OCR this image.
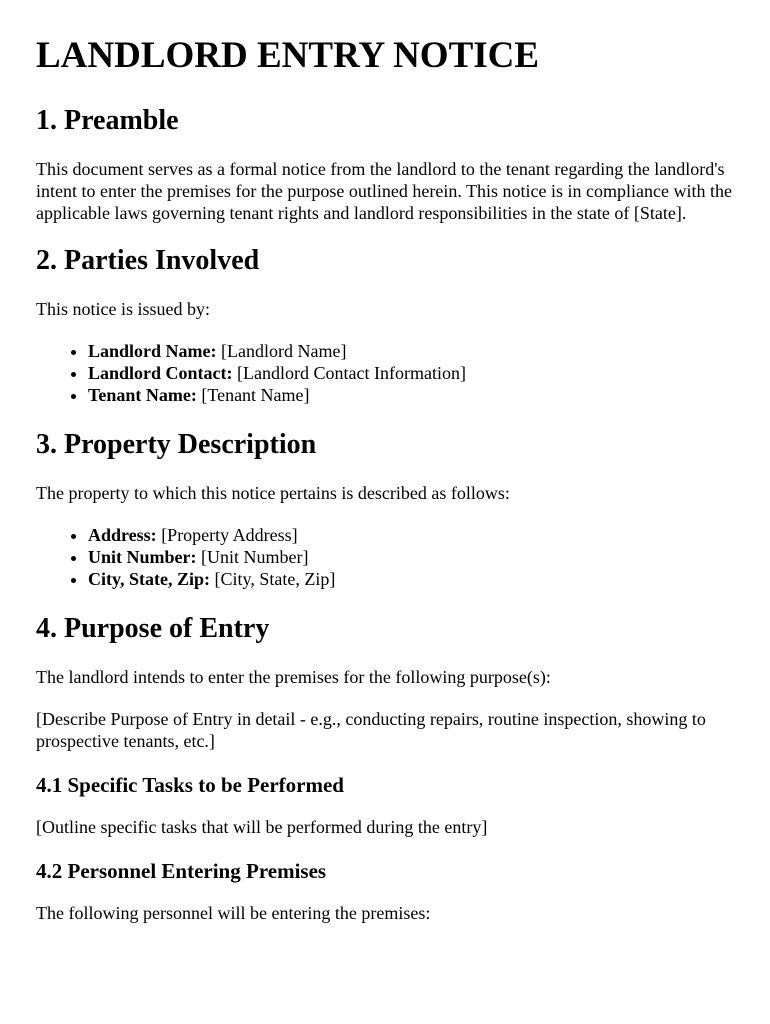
LANDLORD ENTRY NOTICE
1. Preamble

This document serves as a formal notice from the landlord to the tenant regarding the landlord's intent to enter the premises for the purpose outlined herein. This notice is in compliance with the applicable laws governing tenant rights and landlord responsibilities in the state of [State].

2. Parties Involved

This notice is issued by:

• Landlord Name: [Landlord Name]
• Landlord Contact: [Landlord Contact Information]
• Tenant Name: [Tenant Name]
3. Property Description

The property to which this notice pertains is described as follows:

• Address: [Property Address]
• Unit Number: [Unit Number]
• City, State, Zip: [City, State, Zip]
4. Purpose of Entry

The landlord intends to enter the premises for the following purpose(s):

[Describe Purpose of Entry in detail - e.g., conducting repairs, routine inspection, showing to prospective tenants, etc.]

4.1 Specific Tasks to be Performed

[Outline specific tasks that will be performed during the entry]

4.2 Personnel Entering Premises

The following personnel will be entering the premises:
